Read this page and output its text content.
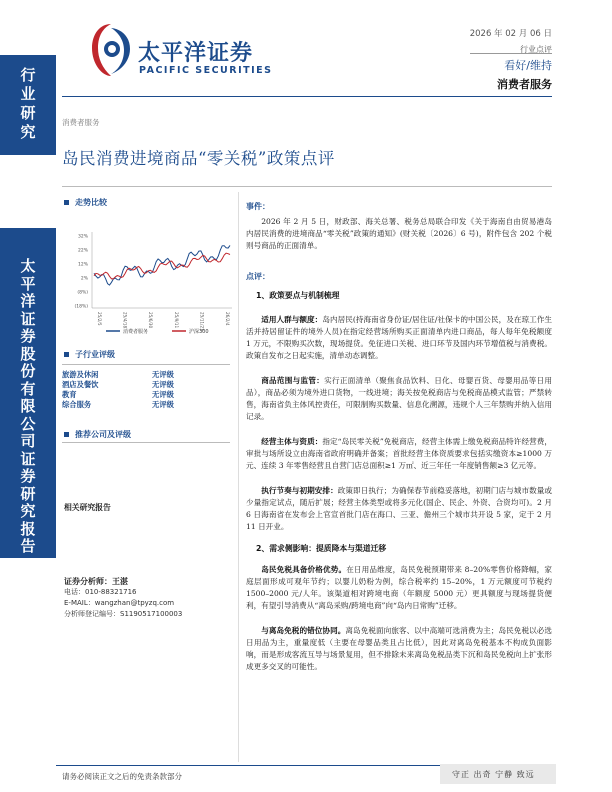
行
业
研
究
太
平
洋
证
券
股
份
有
限
公
司
证
券
研
究
报
告
太平洋证券
PACIFIC SECURITIES
2026 年 02 月 06 日
行业点评
看好/维持
消费者服务
消费者服务
岛民消费进境商品“零关税”政策点评
走势比较
32%
22%
12%
2%
(8%)
(18%)
25/2/5	25/4/18	25/6/30	25/9/11	25/11/23	26/2/4
消费者服务	沪深300
子行业评级
旅游及休闲	无评级
酒店及餐饮	无评级
教育	无评级
综合服务	无评级
推荐公司及评级
相关研究报告
证券分析师：王湛
电话：010-88321716
E-MAIL：wangzhan@tpyzq.com
分析师登记编号：S1190517100003
事件：

2026 年 2 月 5 日，财政部、海关总署、税务总局联合印发《关于海南自由贸易港岛内居民消费的进境商品“零关税”政策的通知》(财关税〔2026〕6 号)，附件包含 202 个税则号商品的正面清单。

点评：
1、政策要点与机制梳理

适用人群与额度：岛内居民(持海南省身份证/居住证/社保卡的中国公民，及在琼工作生活并持居留证件的境外人员)在指定经营场所购买正面清单内进口商品，每人每年免税额度 1 万元，不限购买次数，现场提货。免征进口关税、进口环节及国内环节增值税与消费税。政策自发布之日起实施，清单动态调整。

商品范围与监管：实行正面清单（聚焦食品饮料、日化、母婴百货、母婴用品等日用品），商品必须为境外进口货物，一线进境；海关按免税商店与免税商品模式监管；严禁转售，海南省负主体风控责任，可限制购买数量、信息化溯源，违规个人三年禁购并纳入信用记录。

经营主体与资质：指定“岛民零关税”免税商店，经营主体需上缴免税商品特许经营费，审批与场所设立由海南省政府明确并备案；首批经营主体资质要求包括实缴资本≥1000 万元、连续 3 年零售经营且自营门店总面积≥1 万㎡、近三年任一年度销售额≥3 亿元等。

执行节奏与初期安排：政策即日执行；为确保春节前稳妥落地，初期门店与城市数量或少量指定试点，随后扩展；经营主体类型或将多元化(国企、民企、外资、合资均可)。2 月 6 日海南省在发布会上官宣首批门店在海口、三亚、儋州三个城市共开设 5 家，定于 2 月 11 日开业。

2、需求侧影响：提质降本与渠道迁移

岛民免税具备价格优势。在日用品维度，岛民免税预期带来 8–20%零售价格降幅，家庭层面形成可观年节约；以婴儿奶粉为例，综合税率约 15–20%，1 万元额度可节税约 1500–2000 元/人年。该渠道相对跨境电商（年额度 5000 元）更具额度与现场提货便利，有望引导消费从“离岛采购/跨境电商”向“岛内日常购”迁移。

与离岛免税的错位协同。离岛免税面向旅客、以中高端可选消费为主；岛民免税以必选日用品为主，重量度低（主要在母婴品类且占比低），因此对离岛免税基本不构成负面影响，而是形成客流互导与场景复用，但不排除未来离岛免税品类下沉和岛民免税向上扩张形成更多交叉的可能性。

请务必阅读正文之后的免责条款部分	守正 出奇 宁静 致远
